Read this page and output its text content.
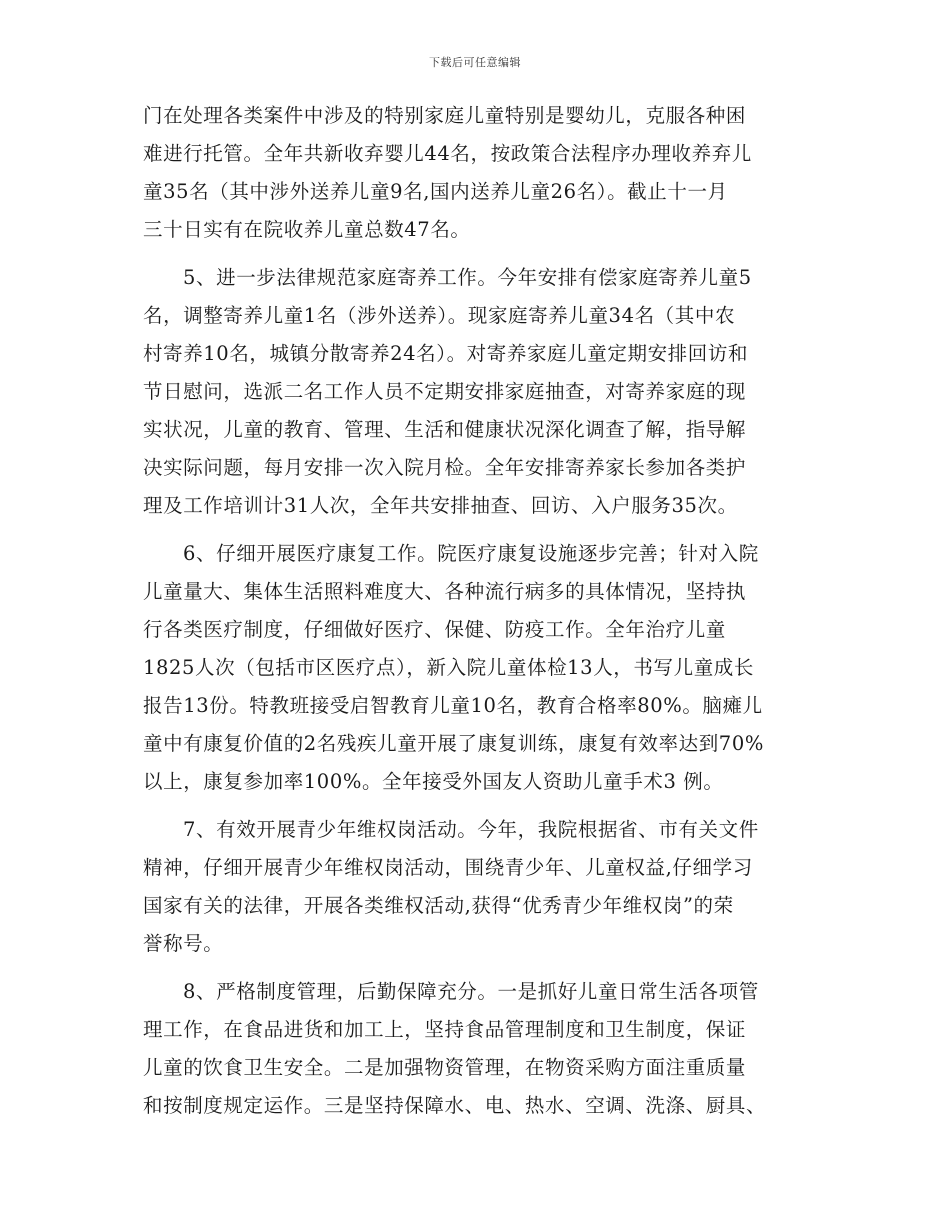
下载后可任意编辑
门在处理各类案件中涉及的特别家庭儿童特别是婴幼儿，克服各种困
难进行托管。全年共新收弃婴儿44名，按政策合法程序办理收养弃儿
童35名（其中涉外送养儿童9名,国内送养儿童26名）。截止十一月
三十日实有在院收养儿童总数47名。
5、进一步法律规范家庭寄养工作。今年安排有偿家庭寄养儿童5
名，调整寄养儿童1名（涉外送养）。现家庭寄养儿童34名（其中农
村寄养10名，城镇分散寄养24名）。对寄养家庭儿童定期安排回访和
节日慰问，选派二名工作人员不定期安排家庭抽查，对寄养家庭的现
实状况，儿童的教育、管理、生活和健康状况深化调查了解，指导解
决实际问题，每月安排一次入院月检。全年安排寄养家长参加各类护
理及工作培训计31人次，全年共安排抽查、回访、入户服务35次。
6、仔细开展医疗康复工作。院医疗康复设施逐步完善；针对入院
儿童量大、集体生活照料难度大、各种流行病多的具体情况，坚持执
行各类医疗制度，仔细做好医疗、保健、防疫工作。全年治疗儿童
1825人次（包括市区医疗点），新入院儿童体检13人，书写儿童成长
报告13份。特教班接受启智教育儿童10名，教育合格率80%。脑瘫儿
童中有康复价值的2名残疾儿童开展了康复训练，康复有效率达到70%
以上，康复参加率100%。全年接受外国友人资助儿童手术3 例。
7、有效开展青少年维权岗活动。今年，我院根据省、市有关文件
精神，仔细开展青少年维权岗活动，围绕青少年、儿童权益,仔细学习
国家有关的法律，开展各类维权活动,获得“优秀青少年维权岗”的荣
誉称号。
8、严格制度管理，后勤保障充分。一是抓好儿童日常生活各项管
理工作，在食品进货和加工上，坚持食品管理制度和卫生制度，保证
儿童的饮食卫生安全。二是加强物资管理，在物资采购方面注重质量
和按制度规定运作。三是坚持保障水、电、热水、空调、洗涤、厨具、
